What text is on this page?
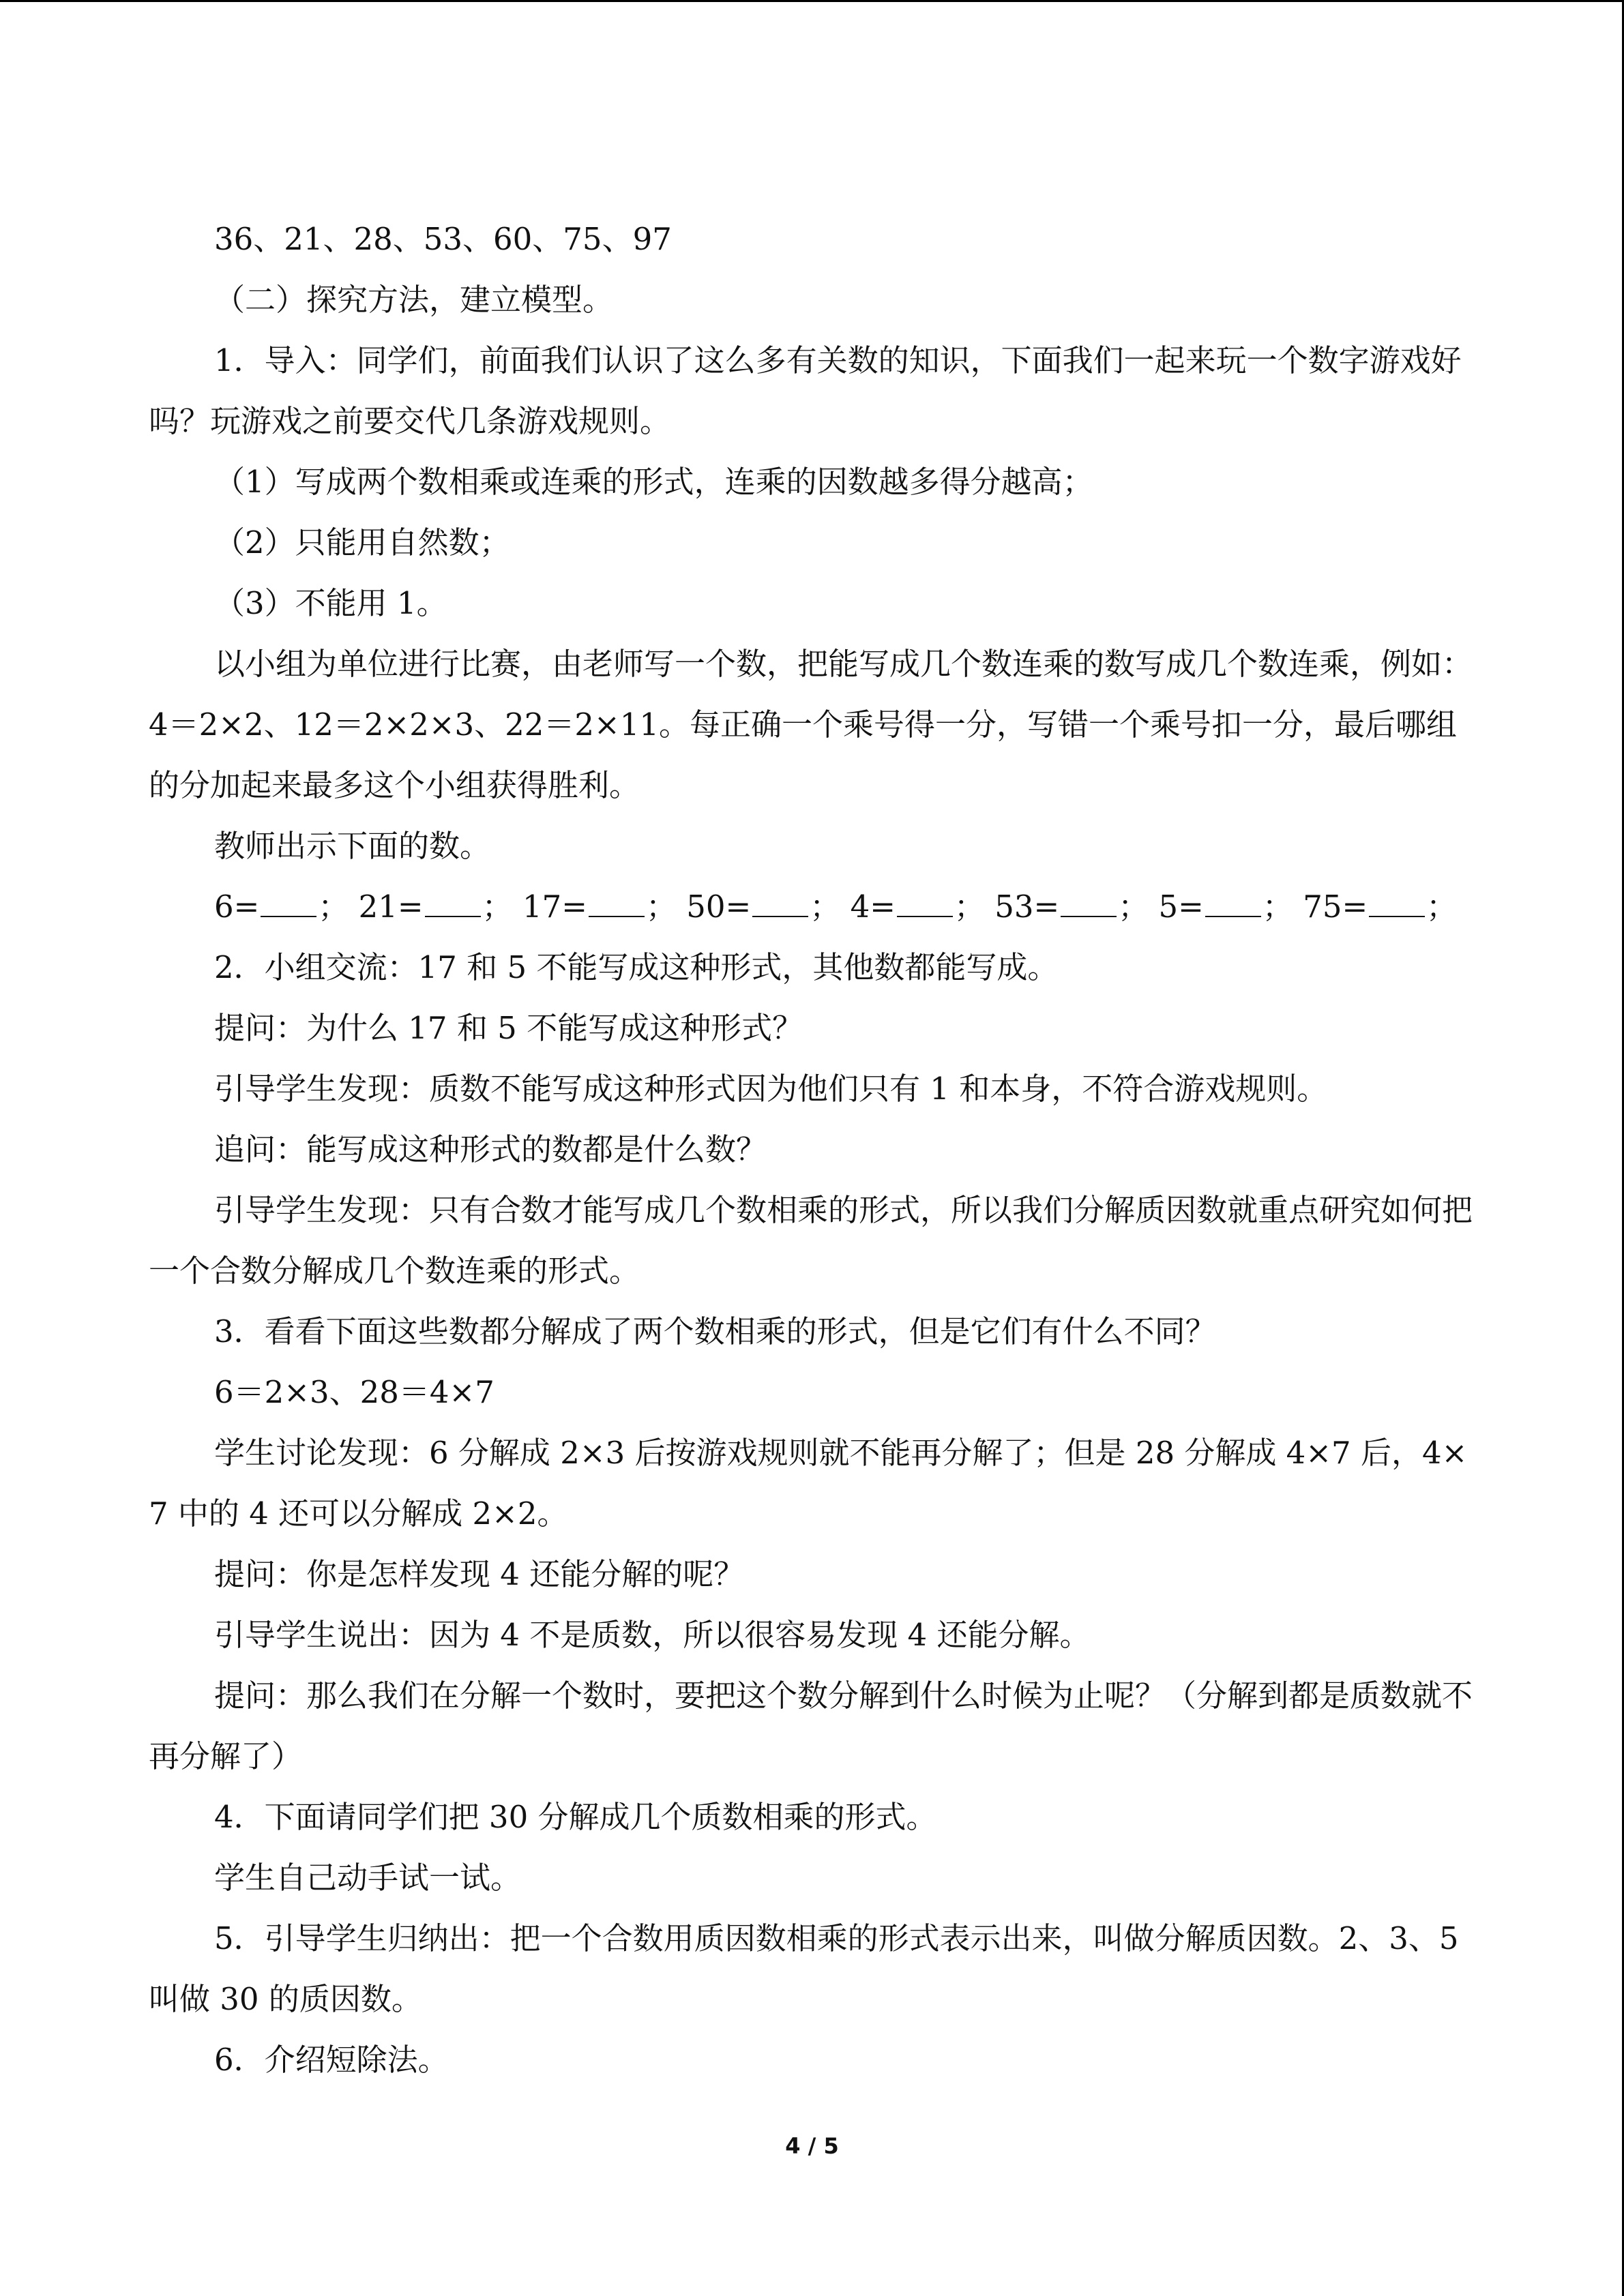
36、21、28、53、60、75、97

（二）探究方法，建立模型。

1．导入：同学们，前面我们认识了这么多有关数的知识，下面我们一起来玩一个数字游戏好吗？玩游戏之前要交代几条游戏规则。

（1）写成两个数相乘或连乘的形式，连乘的因数越多得分越高；

（2）只能用自然数；

（3）不能用 1。

以小组为单位进行比赛，由老师写一个数，把能写成几个数连乘的数写成几个数连乘，例如：4＝2×2、12＝2×2×3、22＝2×11。每正确一个乘号得一分，写错一个乘号扣一分，最后哪组的分加起来最多这个小组获得胜利。

教师出示下面的数。

6= ； 21= ； 17= ； 50= ； 4= ； 53= ； 5= ； 75= ；

2．小组交流：17 和 5 不能写成这种形式，其他数都能写成。

提问：为什么 17 和 5 不能写成这种形式？

引导学生发现：质数不能写成这种形式因为他们只有 1 和本身，不符合游戏规则。

追问：能写成这种形式的数都是什么数？

引导学生发现：只有合数才能写成几个数相乘的形式，所以我们分解质因数就重点研究如何把一个合数分解成几个数连乘的形式。

3．看看下面这些数都分解成了两个数相乘的形式，但是它们有什么不同？

6＝2×3、28＝4×7

学生讨论发现：6 分解成 2×3 后按游戏规则就不能再分解了；但是 28 分解成 4×7 后，4×7 中的 4 还可以分解成 2×2。

提问：你是怎样发现 4 还能分解的呢？

引导学生说出：因为 4 不是质数，所以很容易发现 4 还能分解。

提问：那么我们在分解一个数时，要把这个数分解到什么时候为止呢？（分解到都是质数就不再分解了）

4．下面请同学们把 30 分解成几个质数相乘的形式。

学生自己动手试一试。

5．引导学生归纳出：把一个合数用质因数相乘的形式表示出来，叫做分解质因数。2、3、5 叫做 30 的质因数。

6．介绍短除法。

4 / 5
